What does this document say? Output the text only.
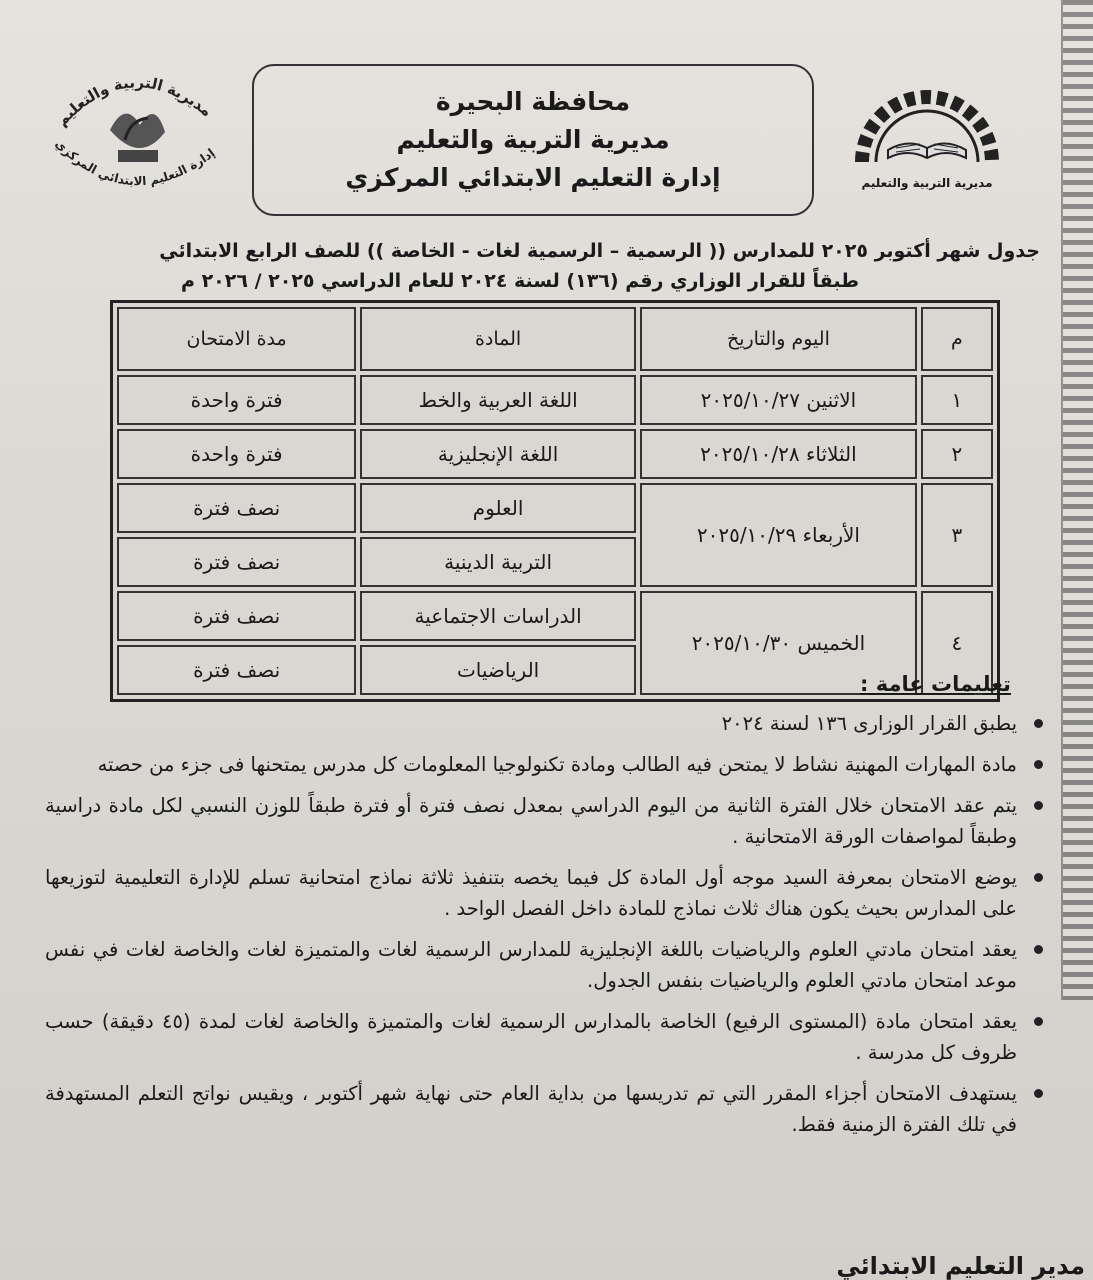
مديرية التربية والتعليم
محافظة البحيرة
مديرية التربية والتعليم
إدارة التعليم الابتدائي المركزي
مديرية التربية والتعليم
إدارة التعليم الابتدائي المركزي
جدول شهر أكتوبر ٢٠٢٥ للمدارس (( الرسمية – الرسمية لغات - الخاصة )) للصف الرابع الابتدائي
طبقاً للقرار الوزاري رقم (١٣٦) لسنة ٢٠٢٤ للعام الدراسي ٢٠٢٥ / ٢٠٢٦ م
م	اليوم والتاريخ	المادة	مدة الامتحان
١	الاثنين ٢٠٢٥/١٠/٢٧	اللغة العربية والخط	فترة واحدة
٢	الثلاثاء ٢٠٢٥/١٠/٢٨	اللغة الإنجليزية	فترة واحدة
٣	الأربعاء ٢٠٢٥/١٠/٢٩	العلوم	نصف فترة
		التربية الدينية	نصف فترة
٤	الخميس ٢٠٢٥/١٠/٣٠	الدراسات الاجتماعية	نصف فترة
		الرياضيات	نصف فترة
تعليمات عامة :
يطبق القرار الوزارى ١٣٦ لسنة ٢٠٢٤
مادة المهارات المهنية نشاط لا يمتحن فيه الطالب ومادة تكنولوجيا المعلومات كل مدرس يمتحنها فى جزء من حصته
يتم عقد الامتحان خلال الفترة الثانية من اليوم الدراسي بمعدل نصف فترة أو فترة طبقاً للوزن النسبي لكل مادة دراسية وطبقاً لمواصفات الورقة الامتحانية .
يوضع الامتحان بمعرفة السيد موجه أول المادة كل فيما يخصه بتنفيذ ثلاثة نماذج امتحانية تسلم للإدارة التعليمية لتوزيعها على المدارس بحيث يكون هناك ثلاث نماذج للمادة داخل الفصل الواحد .
يعقد امتحان مادتي العلوم والرياضيات باللغة الإنجليزية للمدارس الرسمية لغات والمتميزة لغات والخاصة لغات في نفس موعد امتحان مادتي العلوم والرياضيات بنفس الجدول.
يعقد امتحان مادة (المستوى الرفيع) الخاصة بالمدارس الرسمية لغات والمتميزة والخاصة لغات لمدة (٤٥ دقيقة) حسب ظروف كل مدرسة .
يستهدف الامتحان أجزاء المقرر التي تم تدريسها من بداية العام حتى نهاية شهر أكتوبر ، ويقيس نواتج التعلم المستهدفة في تلك الفترة الزمنية فقط.
مدير التعليم الابتدائي
